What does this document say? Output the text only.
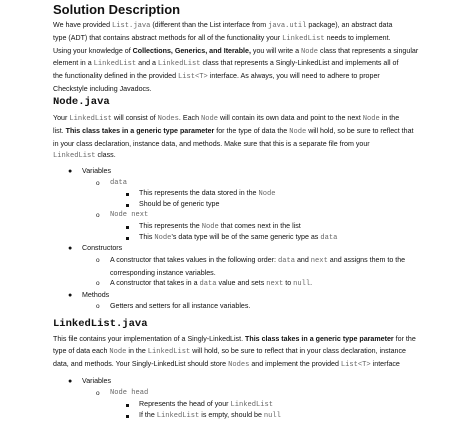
Solution Description
We have provided List.java (different than the List interface from java.util package), an abstract data
type (ADT) that contains abstract methods for all of the functionality your LinkedList needs to implement.
Using your knowledge of Collections, Generics, and Iterable, you will write a Node class that represents a singular
element in a LinkedList and a LinkedList class that represents a Singly-LinkedList and implements all of
the functionality defined in the provided List<T> interface. As always, you will need to adhere to proper
Checkstyle including Javadocs.
Node.java
Your LinkedList will consist of Nodes. Each Node will contain its own data and point to the next Node in the
list. This class takes in a generic type parameter for the type of data the Node will hold, so be sure to reflect that
in your class declaration, instance data, and methods. Make sure that this is a separate file from your
LinkedList class.
● Variables
o data
This represents the data stored in the Node
Should be of generic type
o Node next
This represents the Node that comes next in the list
This Node’s data type will be of the same generic type as data
● Constructors
o A constructor that takes values in the following order: data and next and assigns them to the
corresponding instance variables.
o A constructor that takes in a data value and sets next to null.
● Methods
o Getters and setters for all instance variables.
LinkedList.java
This file contains your implementation of a Singly-LinkedList. This class takes in a generic type parameter for the
type of data each Node in the LinkedList will hold, so be sure to reflect that in your class declaration, instance
data, and methods. Your Singly-LinkedList should store Nodes and implement the provided List<T> interface
● Variables
o Node head
Represents the head of your LinkedList
If the LinkedList is empty, should be null
